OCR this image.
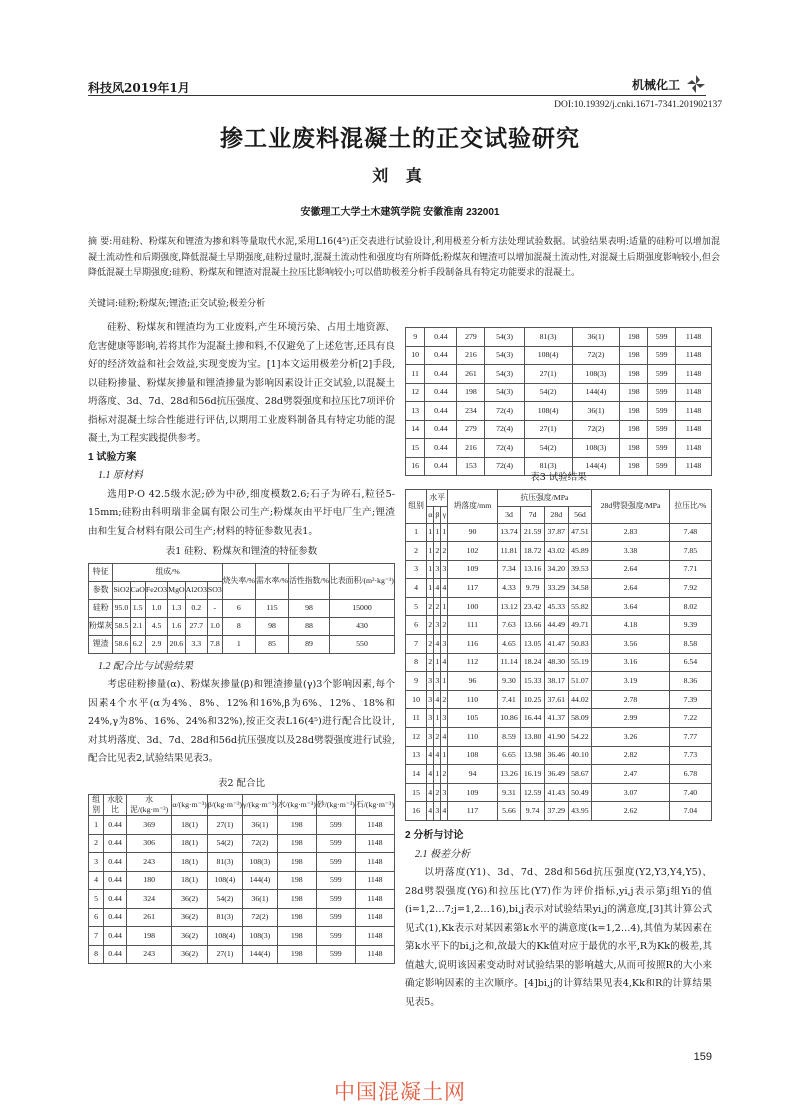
科技风2019年1月	机械化工
DOI:10.19392/j.cnki.1671-7341.201902137
掺工业废料混凝土的正交试验研究
刘 真
安徽理工大学土木建筑学院 安徽淮南 232001
摘 要:用硅粉、粉煤灰和锂渣为掺和料等量取代水泥,采用L16(4⁵)正交表进行试验设计,利用极差分析方法处理试验数据。试验结果表明:适量的硅粉可以增加混凝土流动性和后期强度,降低混凝土早期强度,硅粉过量时,混凝土流动性和强度均有所降低;粉煤灰和锂渣可以增加混凝土流动性,对混凝土后期强度影响较小,但会降低混凝土早期强度;硅粉、粉煤灰和锂渣对混凝土拉压比影响较小;可以借助极差分析手段制备具有特定功能要求的混凝土。
关键词:硅粉;粉煤灰;锂渣;正交试验;极差分析

硅粉、粉煤灰和锂渣均为工业废料,产生环境污染、占用土地资源、危害健康等影响,若将其作为混凝土掺和料,不仅避免了上述危害,还具有良好的经济效益和社会效益,实现变废为宝。[1]本文运用极差分析[2]手段,以硅粉掺量、粉煤灰掺量和锂渣掺量为影响因素设计正交试验,以混凝土坍落度、3d、7d、28d和56d抗压强度、28d劈裂强度和拉压比7项评价指标对混凝土综合性能进行评估,以期用工业废料制备具有特定功能的混凝土,为工程实践提供参考。

1 试验方案

1.1 原材料

选用P·O 42.5级水泥;砂为中砂,细度模数2.6;石子为碎石,粒径5-15mm;硅粉由科明瑞非金属有限公司生产;粉煤灰由平圩电厂生产;锂渣由和生复合材料有限公司生产;材料的特征参数见表1。

表1 硅粉、粉煤灰和锂渣的特征参数
特征	组成/%						烧失率/%	需水率/%	活性指数/%	比表面积/(m²·kg⁻¹)
参数	SiO2	CaO	Fe2O3	MgO	Al2O3	SO3				
硅粉	95.0	1.5	1.0	1.3	0.2	-	6	115	98	15000
粉煤灰	58.5	2.1	4.5	1.6	27.7	1.0	8	98	88	430
锂渣	58.6	6.2	2.9	20.6	3.3	7.8	1	85	89	550

1.2 配合比与试验结果

考虑硅粉掺量(α)、粉煤灰掺量(β)和锂渣掺量(γ)3个影响因素,每个因素4个水平(α为4%、8%、12%和16%,β为6%、12%、18%和24%,γ为8%、16%、24%和32%),按正交表L16(4⁵)进行配合比设计,对其坍落度、3d、7d、28d和56d抗压强度以及28d劈裂强度进行试验,配合比见表2,试验结果见表3。

表2 配合比
组别	水胶比	水泥/(kg·m⁻³)	α/(kg·m⁻³)	β/(kg·m⁻³)	γ/(kg·m⁻³)	水/(kg·m⁻³)	砂/(kg·m⁻³)	石/(kg·m⁻³)
1	0.44	369	18(1)	27(1)	36(1)	198	599	1148
2	0.44	306	18(1)	54(2)	72(2)	198	599	1148
3	0.44	243	18(1)	81(3)	108(3)	198	599	1148
4	0.44	180	18(1)	108(4)	144(4)	198	599	1148
5	0.44	324	36(2)	54(2)	36(1)	198	599	1148
6	0.44	261	36(2)	81(3)	72(2)	198	599	1148
7	0.44	198	36(2)	108(4)	108(3)	198	599	1148
8	0.44	243	36(2)	27(1)	144(4)	198	599	1148
9	0.44	279	54(3)	81(3)	36(1)	198	599	1148
10	0.44	216	54(3)	108(4)	72(2)	198	599	1148
11	0.44	261	54(3)	27(1)	108(3)	198	599	1148
12	0.44	198	54(3)	54(2)	144(4)	198	599	1148
13	0.44	234	72(4)	108(4)	36(1)	198	599	1148
14	0.44	279	72(4)	27(1)	72(2)	198	599	1148
15	0.44	216	72(4)	54(2)	108(3)	198	599	1148
16	0.44	153	72(4)	81(3)	144(4)	198	599	1148
表3 试验结果
组别	水平			坍落度/mm	抗压强度/MPa				28d劈裂强度/MPa	拉压比/%
	α	β	γ		3d	7d	28d	56d		
1	1	1	1	90	13.74	21.59	37.87	47.51	2.83	7.48
2	1	2	2	102	11.81	18.72	43.02	45.89	3.38	7.85
3	1	3	3	109	7.34	13.16	34.20	39.53	2.64	7.71
4	1	4	4	117	4.33	9.79	33.29	34.58	2.64	7.92
5	2	2	1	100	13.12	23.42	45.33	55.82	3.64	8.02
6	2	3	2	111	7.63	13.66	44.49	49.71	4.18	9.39
7	2	4	3	116	4.65	13.05	41.47	50.83	3.56	8.58
8	2	1	4	112	11.14	18.24	48.30	55.19	3.16	6.54
9	3	3	1	96	9.30	15.33	38.17	51.07	3.19	8.36
10	3	4	2	110	7.41	10.25	37.61	44.02	2.78	7.39
11	3	1	3	105	10.86	16.44	41.37	58.09	2.99	7.22
12	3	2	4	110	8.59	13.80	41.90	54.22	3.26	7.77
13	4	4	1	108	6.65	13.98	36.46	40.10	2.82	7.73
14	4	1	2	94	13.26	16.19	36.49	58.67	2.47	6.78
15	4	2	3	109	9.31	12.59	41.43	50.49	3.07	7.40
16	4	3	4	117	5.66	9.74	37.29	43.95	2.62	7.04

2 分析与讨论

2.1 极差分析

以坍落度(Y1)、3d、7d、28d和56d抗压强度(Y2,Y3,Y4,Y5)、28d劈裂强度(Y6)和拉压比(Y7)作为评价指标,yi,j表示第j组Yi的值(i=1,2…7;j=1,2…16),bi,j表示对试验结果yi,j的满意度,[3]其计算公式见式(1),Kk表示对某因素第k水平的满意度(k=1,2…4),其值为某因素在第k水平下的bi,j之和,故最大的Kk值对应于最优的水平,R为Kk的极差,其值越大,说明该因素变动时对试验结果的影响越大,从而可按照R的大小来确定影响因素的主次顺序。[4]bi,j的计算结果见表4,Kk和R的计算结果见表5。

159
中国混凝土网
